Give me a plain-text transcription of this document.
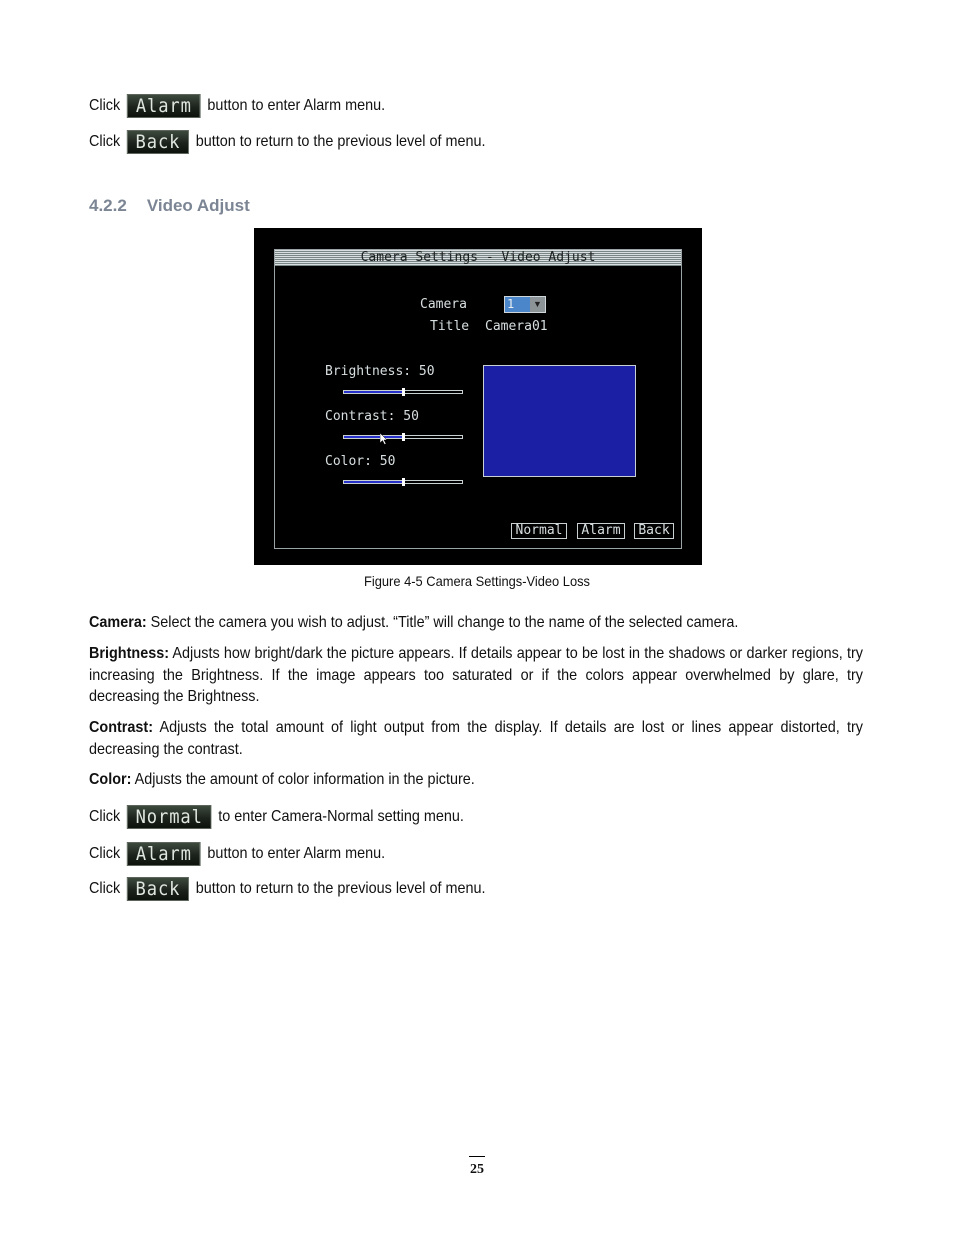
Click Alarm button to enter Alarm menu.
Click Back button to return to the previous level of menu.
4.2.2 Video Adjust
Camera Settings - Video Adjust
Camera	1	▼
Title Camera01
Brightness: 50
Contrast: 50
Color: 50
Normal	Alarm	Back
Figure 4-5 Camera Settings-Video Loss
Camera: Select the camera you wish to adjust. “Title” will change to the name of the selected camera.
Brightness: Adjusts how bright/dark the picture appears. If details appear to be lost in the shadows or darker regions, try increasing the Brightness. If the image appears too saturated or if the colors appear overwhelmed by glare, try decreasing the Brightness.
Contrast: Adjusts the total amount of light output from the display. If details are lost or lines appear distorted, try decreasing the contrast.
Color: Adjusts the amount of color information in the picture.
Click Normal to enter Camera-Normal setting menu.
Click Alarm button to enter Alarm menu.
Click Back button to return to the previous level of menu.
25
